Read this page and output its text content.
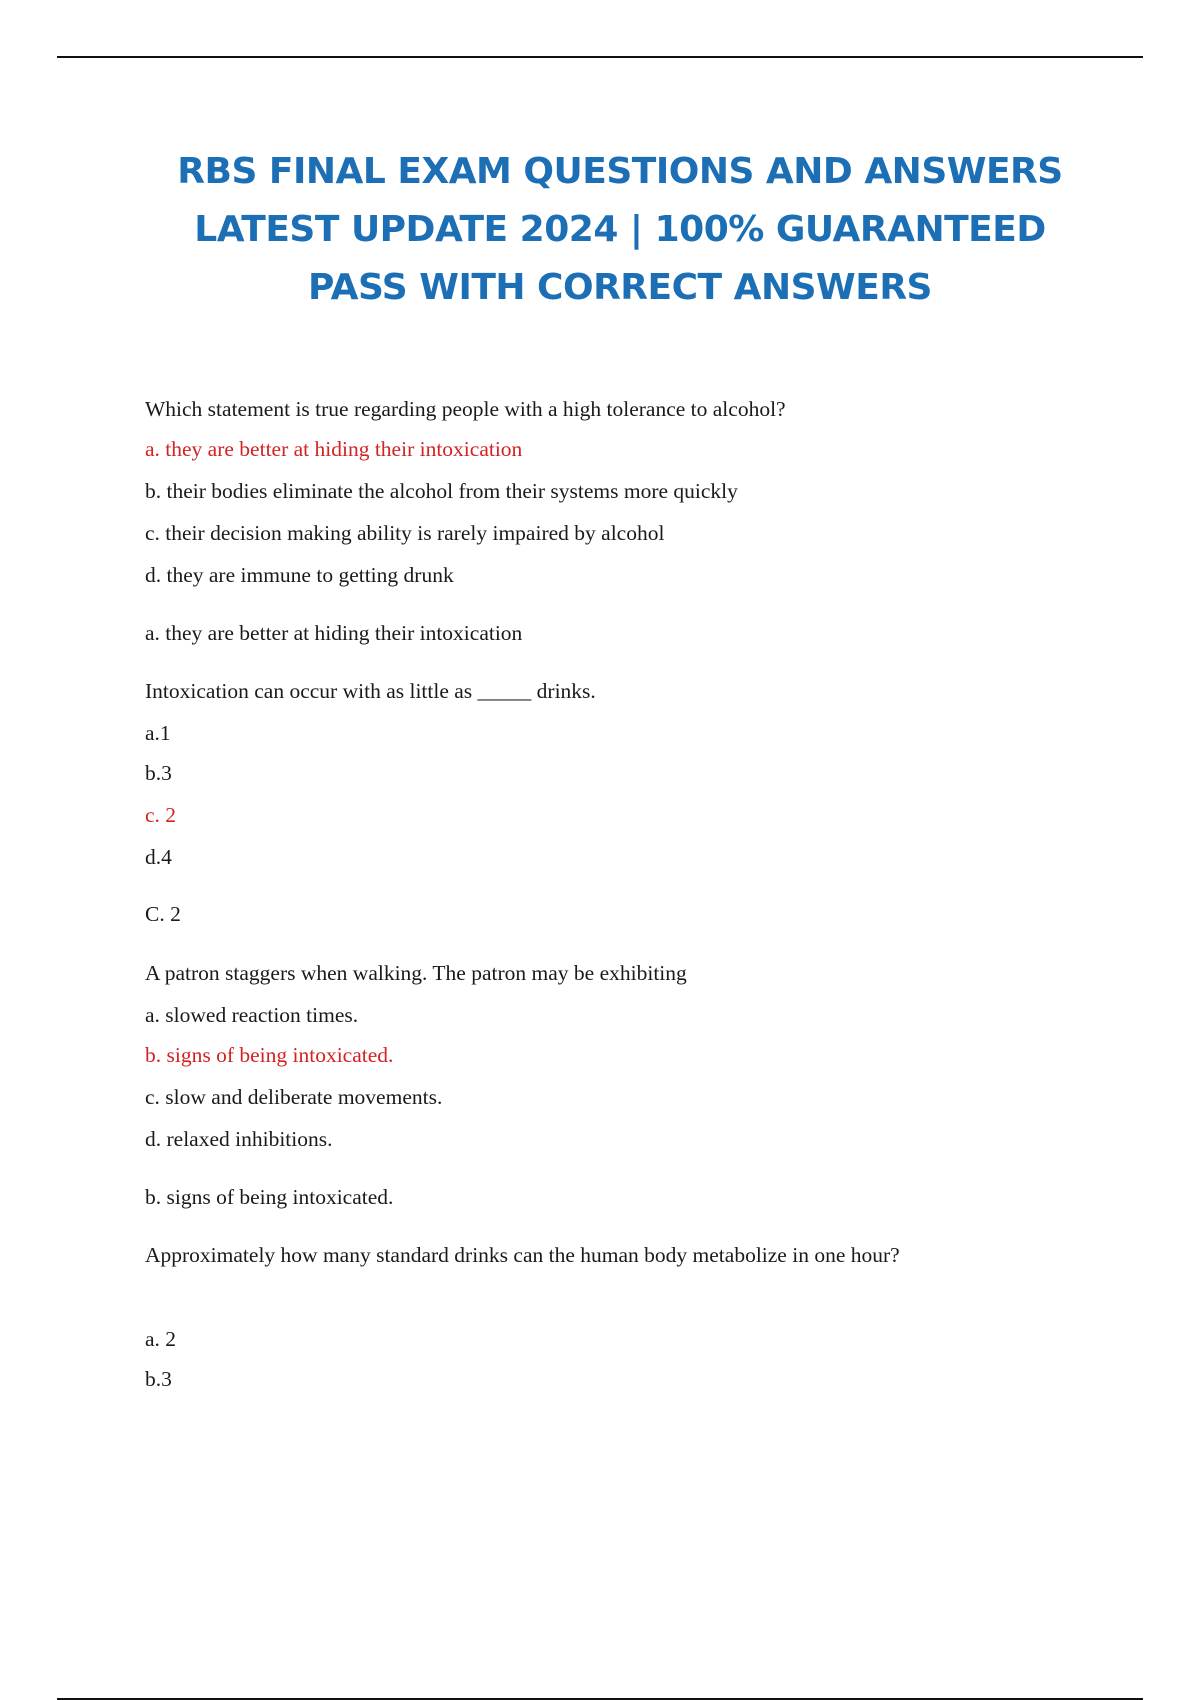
RBS FINAL EXAM QUESTIONS AND ANSWERS
LATEST UPDATE 2024 | 100% GUARANTEED
PASS WITH CORRECT ANSWERS
Which statement is true regarding people with a high tolerance to alcohol?
a. they are better at hiding their intoxication
b. their bodies eliminate the alcohol from their systems more quickly
c. their decision making ability is rarely impaired by alcohol
d. they are immune to getting drunk
a. they are better at hiding their intoxication
Intoxication can occur with as little as _____ drinks.
a.1
b.3
c. 2
d.4
C. 2
A patron staggers when walking. The patron may be exhibiting
a. slowed reaction times.
b. signs of being intoxicated.
c. slow and deliberate movements.
d. relaxed inhibitions.
b. signs of being intoxicated.
Approximately how many standard drinks can the human body metabolize in one hour?
a. 2
b.3
